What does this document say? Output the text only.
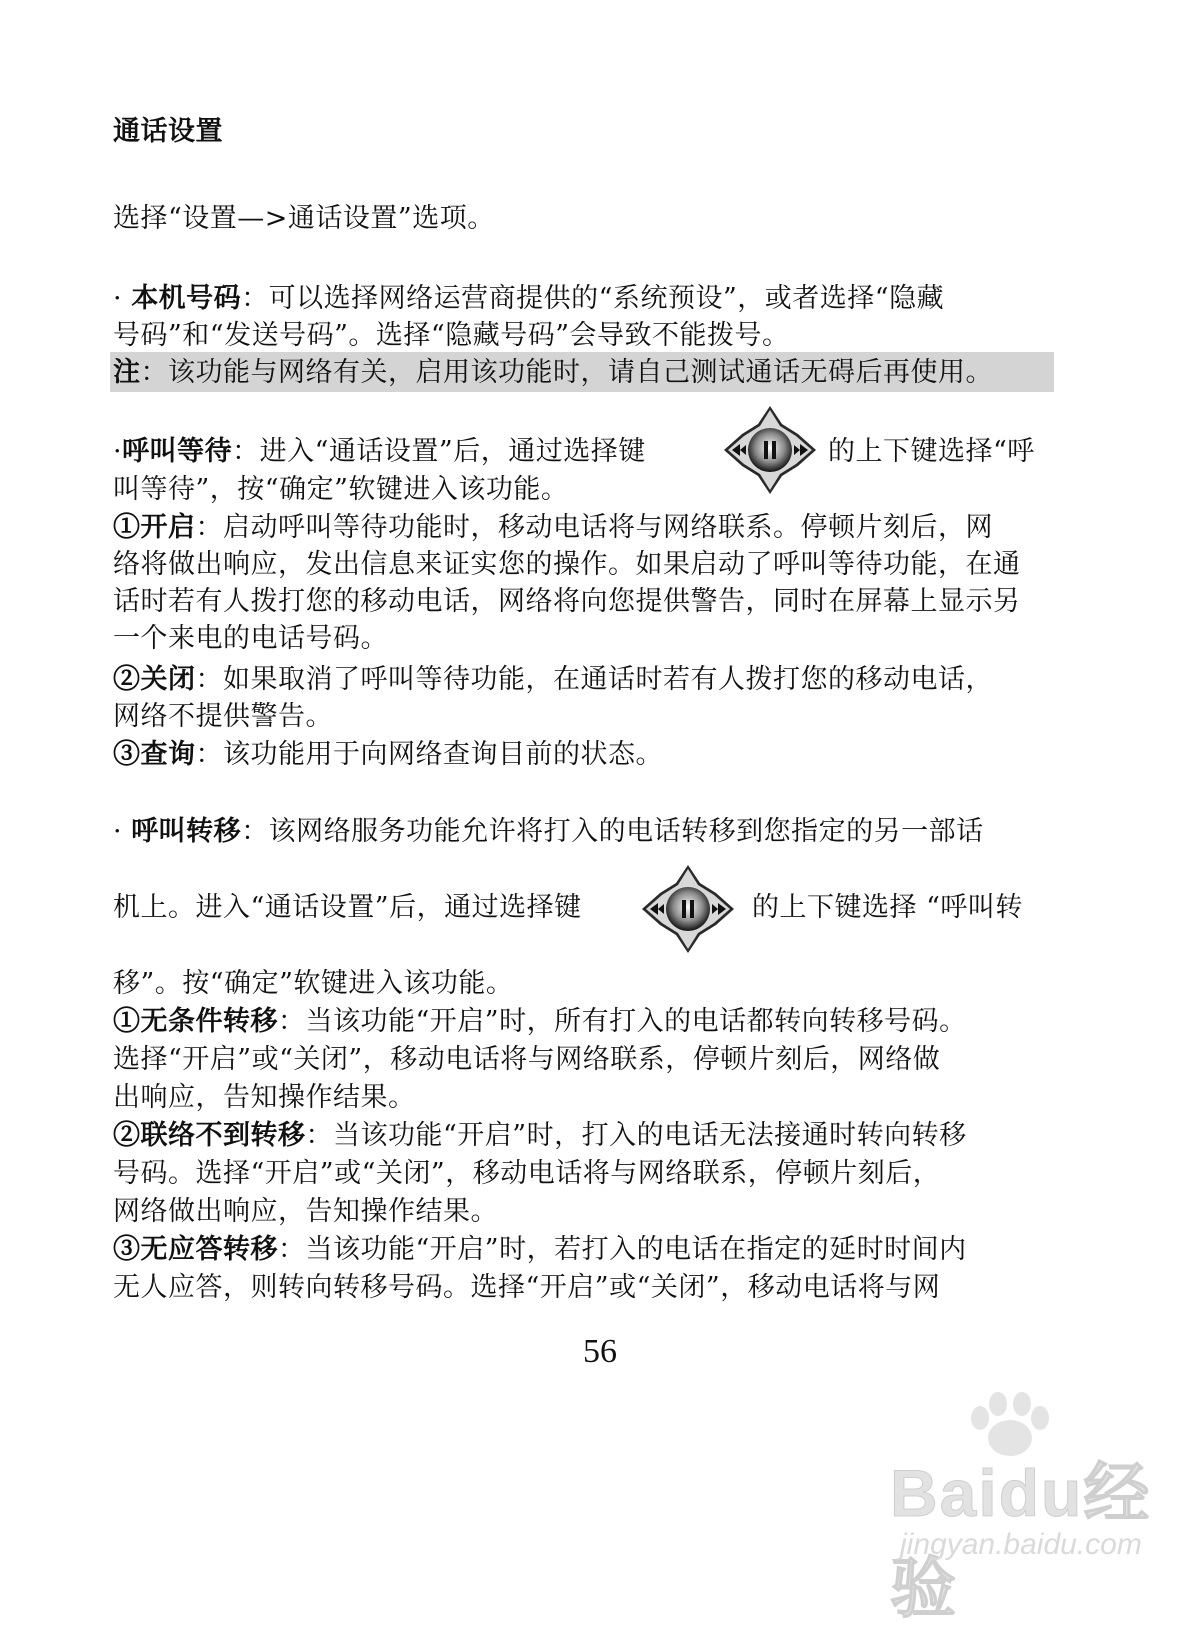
通话设置
选择“设置—>通话设置”选项。
· 本机号码：可以选择网络运营商提供的“系统预设”，或者选择“隐藏
号码”和“发送号码”。选择“隐藏号码”会导致不能拨号。
注：该功能与网络有关，启用该功能时，请自己测试通话无碍后再使用。
·呼叫等待：进入“通话设置”后，通过选择键	的上下键选择“呼
叫等待”，按“确定”软键进入该功能。
①开启：启动呼叫等待功能时，移动电话将与网络联系。停顿片刻后，网
络将做出响应，发出信息来证实您的操作。如果启动了呼叫等待功能，在通
话时若有人拨打您的移动电话，网络将向您提供警告，同时在屏幕上显示另
一个来电的电话号码。
②关闭：如果取消了呼叫等待功能，在通话时若有人拨打您的移动电话，
网络不提供警告。
③查询：该功能用于向网络查询目前的状态。
· 呼叫转移：该网络服务功能允许将打入的电话转移到您指定的另一部话
机上。进入“通话设置”后，通过选择键	的上下键选择 “呼叫转
移”。按“确定”软键进入该功能。
①无条件转移：当该功能“开启”时，所有打入的电话都转向转移号码。
选择“开启”或“关闭”，移动电话将与网络联系，停顿片刻后，网络做
出响应，告知操作结果。
②联络不到转移：当该功能“开启”时，打入的电话无法接通时转向转移
号码。选择“开启”或“关闭”，移动电话将与网络联系，停顿片刻后，
网络做出响应，告知操作结果。
③无应答转移：当该功能“开启”时，若打入的电话在指定的延时时间内
无人应答，则转向转移号码。选择“开启”或“关闭”，移动电话将与网
56
Baidu经验
jingyan.baidu.com
